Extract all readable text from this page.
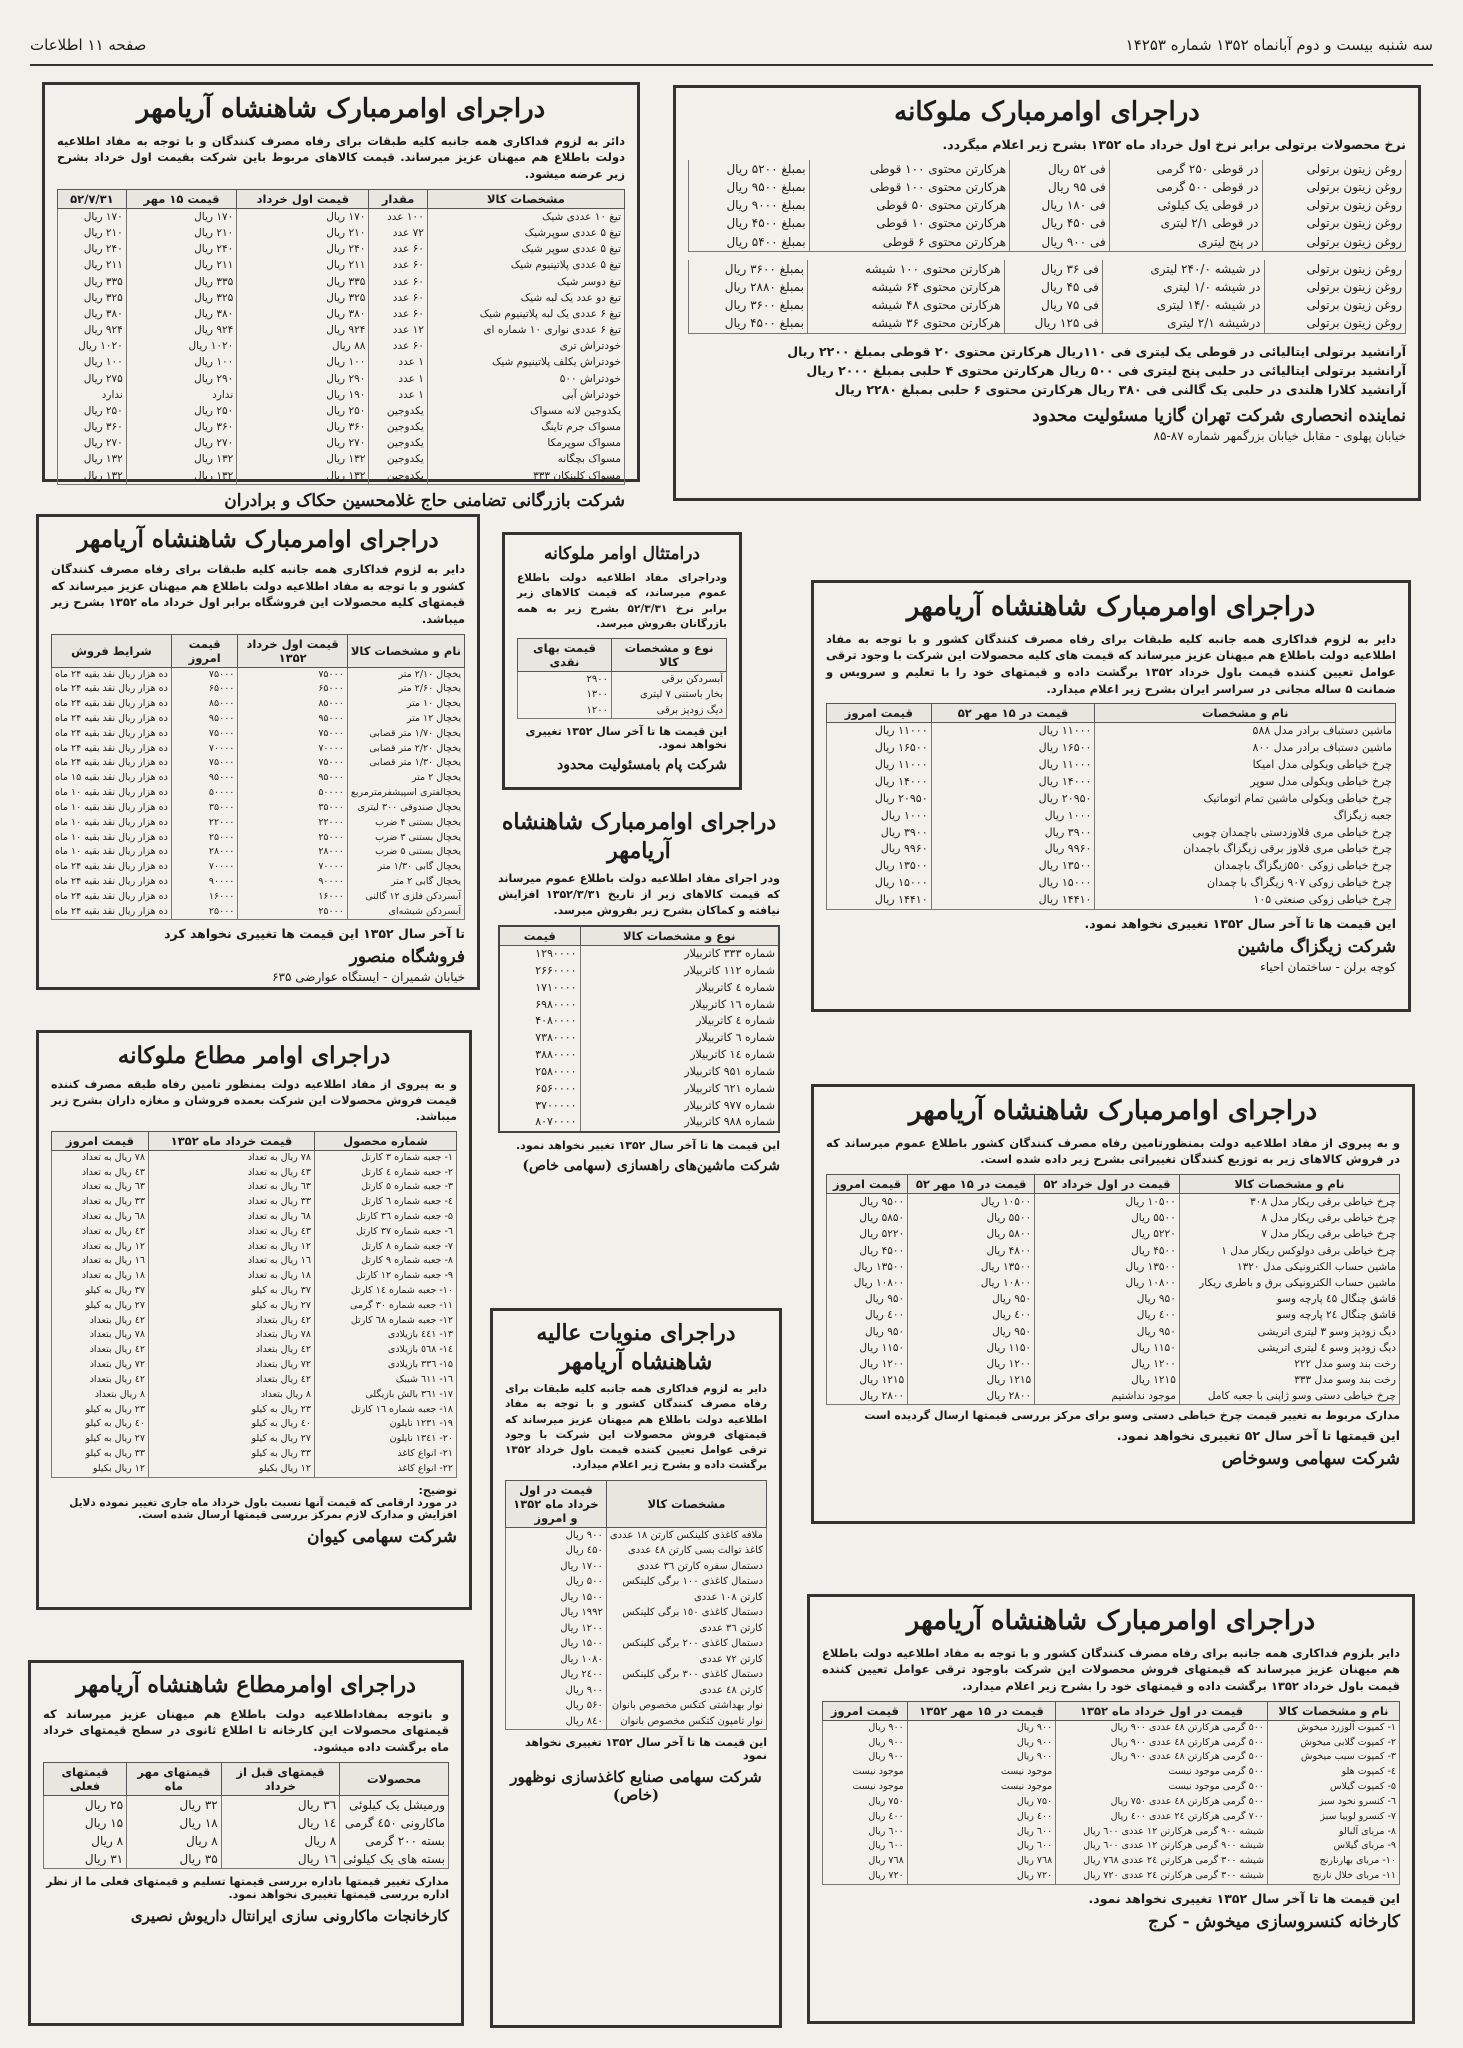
سه شنبه بیست و دوم آبانماه ۱۳۵۲ شماره ۱۴۲۵۳
صفحه ۱۱ اطلاعات
دراجرای اوامرمبارک ملوکانه

نرخ محصولات برتولی برابر نرخ اول خرداد ماه ۱۳۵۲ بشرح زیر اعلام میگردد.

روغن زیتون برتولی	در قوطی ۲۵۰ گرمی	فی ۵۲ ریال	هرکارتن محتوی ۱۰۰ قوطی	بمبلغ ۵۲۰۰ ریال
روغن زیتون برتولی	در قوطی ۵۰۰ گرمی	فی ۹۵ ریال	هرکارتن محتوی ۱۰۰ قوطی	بمبلغ ۹۵۰۰ ریال
روغن زیتون برتولی	در قوطی یک کیلوئی	فی ۱۸۰ ریال	هرکارتن محتوی ۵۰ قوطی	بمبلغ ۹۰۰۰ ریال
روغن زیتون برتولی	در قوطی ۲/۱ لیتری	فی ۴۵۰ ریال	هرکارتن محتوی ۱۰ قوطی	بمبلغ ۴۵۰۰ ریال
روغن زیتون برتولی	در پنج لیتری	فی ۹۰۰ ریال	هرکارتن محتوی ۶ قوطی	بمبلغ ۵۴۰۰ ریال
روغن زیتون برتولی	در شیشه ۲۴۰/۰ لیتری	فی ۳۶ ریال	هرکارتن محتوی ۱۰۰ شیشه	بمبلغ ۳۶۰۰ ریال
روغن زیتون برتولی	در شیشه ۱/۰ لیتری	فی ۴۵ ریال	هرکارتن محتوی ۶۴ شیشه	بمبلغ ۲۸۸۰ ریال
روغن زیتون برتولی	در شیشه ۱۴/۰ لیتری	فی ۷۵ ریال	هرکارتن محتوی ۴۸ شیشه	بمبلغ ۳۶۰۰ ریال
روغن زیتون برتولی	درشیشه ۲/۱ لیتری	فی ۱۲۵ ریال	هرکارتن محتوی ۳۶ شیشه	بمبلغ ۴۵۰۰ ریال
آرانشید برتولی ایتالیائی در قوطی یک لیتری فی ۱۱۰ریال هرکارتن محتوی ۲۰ قوطی بمبلغ ۲۲۰۰ ریال
آرانشید برتولی ایتالیائی در حلبی پنج لیتری فی ۵۰۰ ریال هرکارتن محتوی ۴ حلبی بمبلغ ۲۰۰۰ ریال
آرانشید کلارا هلندی در حلبی یک گالنی فی ۳۸۰ ریال هرکارتن محتوی ۶ حلبی بمبلغ ۲۲۸۰ ریال
نماینده انحصاری شرکت تهران گازیا مسئولیت محدود
خیابان پهلوی - مقابل خیابان بزرگمهر شماره ۸۷-۸۵
دراجرای اوامرمبارک شاهنشاه آریامهر

دائر به لزوم فداکاری همه جانبه کلیه طبقات برای رفاه مصرف کنندگان و با توجه به مفاد اطلاعیه دولت باطلاع هم میهنان عزیز میرساند. قیمت کالاهای مربوط باین شرکت بقیمت اول خرداد بشرح زیر عرضه میشود.

مشخصات کالا	مقدار	قیمت اول خرداد	قیمت ۱۵ مهر	۵۲/۷/۳۱
تیغ ۱۰ عددی شیک	۱۰۰ عدد	۱۷۰ ریال	۱۷۰ ریال	۱۷۰ ریال
تیغ ۵ عددی سوپرشیک	۷۲ عدد	۲۱۰ ریال	۲۱۰ ریال	۲۱۰ ریال
تیغ ۵ عددی سوپر شیک	۶۰ عدد	۲۴۰ ریال	۲۴۰ ریال	۲۴۰ ریال
تیغ ۵ عددی پلاتینیوم شیک	۶۰ عدد	۲۱۱ ریال	۲۱۱ ریال	۲۱۱ ریال
تیغ دوسر شیک	۶۰ عدد	۳۳۵ ریال	۳۳۵ ریال	۳۳۵ ریال
تیغ دو عدد یک لبه شیک	۶۰ عدد	۳۲۵ ریال	۳۲۵ ریال	۳۲۵ ریال
تیغ ۶ عددی یک لبه پلاتینیوم شیک	۶۰ عدد	۳۸۰ ریال	۳۸۰ ریال	۳۸۰ ریال
تیغ ۶ عددی نواری ۱۰ شماره ای	۱۲ عدد	۹۲۴ ریال	۹۲۴ ریال	۹۲۴ ریال
خودتراش تری	۶۰ عدد	۸۸ ریال	۱۰۲۰ ریال	۱۰۲۰ ریال
خودتراش یکلف پلاتینیوم شیک	۱ عدد	۱۰۰ ریال	۱۰۰ ریال	۱۰۰ ریال
خودتراش ۵۰۰	۱ عدد	۲۹۰ ریال	۲۹۰ ریال	۲۷۵ ریال
خودتراش آبی	۱ عدد	۱۹۰ ریال	ندارد	ندارد
یکدوجین لانه مسواک	یکدوجین	۲۵۰ ریال	۲۵۰ ریال	۲۵۰ ریال
مسواک جرم تاینگ	یکدوجین	۳۶۰ ریال	۳۶۰ ریال	۳۶۰ ریال
مسواک سوپرمکا	یکدوجین	۲۷۰ ریال	۲۷۰ ریال	۲۷۰ ریال
مسواک بچگانه	یکدوجین	۱۳۲ ریال	۱۳۲ ریال	۱۳۲ ریال
مسواک کلینکان ۳۳۳	یکدوجین	۱۳۲ ریال	۱۳۲ ریال	۱۳۲ ریال
شرکت بازرگانی تضامنی حاج غلامحسین حکاک و برادران
دراجرای اوامرمبارک شاهنشاه آریامهر

دایر به لزوم فداکاری همه جانبه کلیه طبقات برای رفاه مصرف کنندگان کشور و با توجه به مفاد اطلاعیه دولت باطلاع هم میهنان عزیز میرساند که قیمتهای کلیه محصولات این فروشگاه برابر اول خرداد ماه ۱۳۵۲ بشرح زیر میباشد.

نام و مشخصات کالا	قیمت اول خرداد ۱۳۵۲	قیمت امروز	شرایط فروش
یخچال ۲/۱۰ متر	۷۵۰۰۰	۷۵۰۰۰	ده هزار ریال نقد بقیه ۲۴ ماه
یخچال ۲/۶۰ متر	۶۵۰۰۰	۶۵۰۰۰	ده هزار ریال نقد بقیه ۲۴ ماه
یخچال ۱۰ متر	۸۵۰۰۰	۸۵۰۰۰	ده هزار ریال نقد بقیه ۲۴ ماه
یخچال ۱۲ متر	۹۵۰۰۰	۹۵۰۰۰	ده هزار ریال نقد بقیه ۲۴ ماه
یخچال ۱/۷۰ متر قصابی	۷۵۰۰۰	۷۵۰۰۰	ده هزار ریال نقد بقیه ۲۴ ماه
یخچال ۲/۲۰ متر قصابی	۷۰۰۰۰	۷۰۰۰۰	ده هزار ریال نقد بقیه ۲۴ ماه
یخچال ۱/۳۰ متر قصابی	۷۵۰۰۰	۷۵۰۰۰	ده هزار ریال نقد بقیه ۲۴ ماه
یخچال ۲ متر	۹۵۰۰۰	۹۵۰۰۰	ده هزار ریال نقد بقیه ۱۵ ماه
یخچالفتری اسپیشفرمترمربع	۵۰۰۰۰	۵۰۰۰۰	ده هزار ریال نقد بقیه ۱۰ ماه
یخچال صندوقی ۳۰۰ لیتری	۳۵۰۰۰	۳۵۰۰۰	ده هزار ریال نقد بقیه ۱۰ ماه
یخچال بستنی ۴ ضرب	۲۲۰۰۰	۲۲۰۰۰	ده هزار ریال نقد بقیه ۱۰ ماه
یخچال بستنی ۳ ضرب	۲۵۰۰۰	۲۵۰۰۰	ده هزار ریال نقد بقیه ۱۰ ماه
یخچال بستنی ۵ ضرب	۲۸۰۰۰	۲۸۰۰۰	ده هزار ریال نقد بقیه ۱۰ ماه
یخچال گابی ۱/۳۰ متر	۷۰۰۰۰	۷۰۰۰۰	ده هزار ریال نقد بقیه ۲۴ ماه
یخچال گابی ۲ متر	۹۰۰۰۰	۹۰۰۰۰	ده هزار ریال نقد بقیه ۲۴ ماه
آبسردکن فلزی ۱۲ گالنی	۱۶۰۰۰	۱۶۰۰۰	ده هزار ریال نقد بقیه ۲۴ ماه
آبسردکن شیشه‌ای	۲۵۰۰۰	۲۵۰۰۰	ده هزار ریال نقد بقیه ۲۴ ماه
تا آخر سال ۱۳۵۲ این قیمت ها تغییری نخواهد کرد
فروشگاه منصور
خیابان شمیران - ایستگاه عوارضی ۶۳۵
درامتثال اوامر ملوکانه

ودراجرای مفاد اطلاعیه دولت باطلاع عموم میرساند، که قیمت کالاهای زیر برابر نرخ ۵۲/۳/۳۱ بشرح زیر به همه بازرگانان بفروش میرسد.

نوع و مشخصات کالا	قیمت بهای نقدی
آبسردکن برقی	۲۹۰۰
بخار باستنی ۷ لیتری	۱۳۰۰
دیگ زودپز برقی	۱۲۰۰
این قیمت ها تا آخر سال ۱۳۵۲ تغییری نخواهد نمود.
شرکت پام بامسئولیت محدود
دراجرای اوامرمبارک شاهنشاه آریامهر

دایر به لزوم فداکاری همه جانبه کلیه طبقات برای رفاه مصرف کنندگان کشور و با توجه به مفاد اطلاعیه دولت باطلاع هم میهنان عزیز میرساند که قیمت های کلیه محصولات این شرکت با وجود ترقی عوامل تعیین کننده قیمت باول خرداد ۱۳۵۲ برگشت داده و قیمتهای خود را با تعلیم و سرویس و ضمانت ۵ ساله مجانی در سراسر ایران بشرح زیر اعلام میدارد.

نام و مشخصات	قیمت در ۱۵ مهر ۵۲	قیمت امروز
ماشین دستباف برادر مدل ۵۸۸	۱۱۰۰۰ ریال	۱۱۰۰۰ ریال
ماشین دستباف برادر مدل ۸۰۰	۱۶۵۰۰ ریال	۱۶۵۰۰ ریال
چرخ خیاطی ویکولی مدل امیکا	۱۱۰۰۰ ریال	۱۱۰۰۰ ریال
چرخ خیاطی ویکولی مدل سوپر	۱۴۰۰۰ ریال	۱۴۰۰۰ ریال
چرخ خیاطی ویکولی ماشین تمام اتوماتیک	۲۰۹۵۰ ریال	۲۰۹۵۰ ریال
جعبه زیگزاگ	۱۰۰۰ ریال	۱۰۰۰ ریال
چرخ خیاطی مری قلاوزدستی باچمدان چوبی	۳۹۰۰ ریال	۳۹۰۰ ریال
چرخ خیاطی مری قلاوز برقی زیگزاگ باچمدان	۹۹۶۰ ریال	۹۹۶۰ ریال
چرخ خیاطی زوکی ۵۵۰زیگزاگ باچمدان	۱۳۵۰۰ ریال	۱۳۵۰۰ ریال
چرخ خیاطی زوکی ۹۰۷ زیگزاگ با چمدان	۱۵۰۰۰ ریال	۱۵۰۰۰ ریال
چرخ خیاطی زوکی صنعتی ۱۰۵	۱۴۴۱۰ ریال	۱۴۴۱۰ ریال
این قیمت ها تا آخر سال ۱۳۵۲ تغییری نخواهد نمود.
شرکت زیگزاگ ماشین
کوچه برلن - ساختمان احیاء
دراجرای اوامرمبارک شاهنشاه آریامهر

ودر اجرای مفاد اطلاعیه دولت باطلاع عموم میرساند که قیمت کالاهای زیر از تاریخ ۱۳۵۲/۳/۳۱ افزایش نیافته و کماکان بشرح زیر بفروش میرسد.

نوع و مشخصات کالا	قیمت
شماره ۳۳۳ کاتربیلار	۱۲۹۰۰۰۰
شماره ۱۱۲ کاتربیلار	۲۶۶۰۰۰۰
شماره ٤ کاتربیلار	۱۷۱۰۰۰۰
شماره ۱٦ کاتربیلار	۶۹۸۰۰۰۰
شماره ٤ کاتربیلار	۴۰۸۰۰۰۰
شماره ٦ کاتربیلار	۷۳۸۰۰۰۰
شماره ۱٤ کاتربیلار	۳۸۸۰۰۰۰
شماره ۹۵۱ کاتربیلار	۲۵۸۰۰۰۰
شماره ٦٢١ کاتربیلار	۶۵۶۰۰۰۰
شماره ۹۷۷ کاتربیلار	۳۷۰۰۰۰۰
شماره ۹۸۸ کاتربیلار	۸۰۷۰۰۰۰
این قیمت ها تا آخر سال ۱۳۵۲ تغییر نخواهد نمود.
شرکت ماشین‌های راهسازی (سهامی خاص)
دراجرای اوامر مطاع ملوکانه

و به پیروی از مفاد اطلاعیه دولت بمنظور تامین رفاه طبقه مصرف کننده قیمت فروش محصولات این شرکت بعمده فروشان و مغازه داران بشرح زیر میباشد.

شماره محصول	قیمت خرداد ماه ۱۳۵۲	قیمت امروز
۱- جعبه شماره ۳ کارتل	۷۸ ریال به تعداد	۷۸ ریال به تعداد
۲- جعبه شماره ٤ کارتل	٤٣ ریال به تعداد	٤٣ ریال به تعداد
۳- جعبه شماره ۵ کارتل	٦٣ ریال به تعداد	٦٣ ریال به تعداد
٤- جعبه شماره ٦ کارتل	۳۳ ریال به تعداد	۳۳ ریال به تعداد
۵- جعبه شماره ۳٦ کارتل	٦٨ ریال به تعداد	٦٨ ریال به تعداد
٦- جعبه شماره ۳۷ کارتل	٤٣ ریال به تعداد	٤٣ ریال به تعداد
۷- جعبه شماره ۸ کارتل	۱۲ ریال به تعداد	۱۲ ریال به تعداد
۸- جعبه شماره ۹ کارتل	۱٦ ریال به تعداد	۱٦ ریال به تعداد
۹- جعبه شماره ۱۲ کارتل	۱۸ ریال به تعداد	۱۸ ریال به تعداد
۱۰- جعبه شماره ۱٤ کارتل	۳۷ ریال به کیلو	۳۷ ریال به کیلو
۱۱- جعبه شماره ۳۰ گرمی	۲۷ ریال به کیلو	۲۷ ریال به کیلو
۱۲- جعبه شماره ٦٨ کارتل	٤٢ ریال بتعداد	٤٢ ریال بتعداد
۱۳- ٤٤١ بازیلادی	۷۸ ریال بتعداد	۷۸ ریال بتعداد
۱٤- ٥٦٨ بازیلادی	٤٢ ریال بتعداد	٤٢ ریال بتعداد
۱۵- ۳۳٦ بازیلادی	۷۲ ریال بتعداد	۷۲ ریال بتعداد
۱٦- ٦۱۱ شیبک	٤٢ ریال بتعداد	٤٢ ریال بتعداد
۱۷- ۳٦۱ بالش بازیگلی	۸ ریال بتعداد	۸ ریال بتعداد
۱۸- جعبه شماره ۱٦ کارتل	۲۳ ریال به کیلو	۲۳ ریال به کیلو
۱۹- ۱۲۳۱ نایلون	٤٠ ریال به کیلو	٤٠ ریال به کیلو
۲۰- ۱۳٤۱ نایلون	۲۷ ریال به کیلو	۲۷ ریال به کیلو
۲۱- انواع کاغذ	۳۳ ریال به کیلو	۳۳ ریال به کیلو
۲۲- انواع کاغذ	۱۲ ریال بکیلو	۱۲ ریال بکیلو
توضیح:
در مورد ارقامی که قیمت آنها نسبت باول خرداد ماه جاری تغییر نموده دلایل افزایش و مدارک لازم بمرکز بررسی قیمتها ارسال شده است.
شرکت سهامی کیوان
دراجرای منویات عالیه شاهنشاه آریامهر

دایر به لزوم فداکاری همه جانبه کلیه طبقات برای رفاه مصرف کنندگان کشور و با توجه به مفاد اطلاعیه دولت باطلاع هم میهنان عزیز میرساند که قیمتهای فروش محصولات این شرکت با وجود ترقی عوامل تعیین کننده قیمت باول خرداد ۱۳۵۲ برگشت داده و بشرح زیر اعلام میدارد.

مشخصات کالا	قیمت در اول خرداد ماه ۱۳۵۲ و امروز
ملافه کاغذی کلینکس کارتن ۱۸ عددی	۹۰۰ ریال
کاغذ توالت بسی کارتن ٤۸ عددی	٤۵۰ ریال
دستمال سفره کارتن ۳٦ عددی	۱۷۰۰ ریال
دستمال کاغذی ۱۰۰ برگی کلینکس	۵۰۰ ریال
کارتن ۱۰۸ عددی	۱۵۰۰ ریال
دستمال کاغذی ۱٥۰ برگی کلینکس	۱۹۹۲ ریال
کارتن ۳٦ عددی	۱۲۰۰ ریال
دستمال کاغذی ۲۰۰ برگی کلینکس	۱۵۰۰ ریال
کارتن ۷۲ عددی	۱۰۸۰ ریال
دستمال کاغذی ۳۰۰ برگی کلینکس	۲٤۰۰ ریال
کارتن ٤۸ عددی	۹۰۰ ریال
نوار بهداشتی کتکس مخصوص بانوان	۵۶۰ ریال
نوار تامپون کتکس مخصوص بانوان	۸٤۰ ریال
این قیمت ها تا آخر سال ۱۳۵۲ تغییری نخواهد نمود
شرکت سهامی صنایع کاغذسازی نوظهور (خاص)
دراجرای اوامرمبارک شاهنشاه آریامهر

و به پیروی از مفاد اطلاعیه دولت بمنظورتامین رفاه مصرف کنندگان کشور باطلاع عموم میرساند که در فروش کالاهای زیر به توزیع کنندگان تغییراتی بشرح زیر داده شده است.

نام و مشخصات کالا	قیمت در اول خرداد ۵۲	قیمت در ۱۵ مهر ۵۲	قیمت امروز
چرخ خیاطی برقی ریکار مدل ۳۰۸	۱۰۵۰۰ ریال	۱۰۵۰۰ ریال	۹۵۰۰ ریال
چرخ خیاطی برقی ریکار مدل ۸	۵۵۰۰ ریال	۵۵۰۰ ریال	۵۸۵۰ ریال
چرخ خیاطی برقی ریکار مدل ۷	۵۲۲۰ ریال	۵۸۰۰ ریال	۵۲۲۰ ریال
چرخ خیاطی برقی دولوکس ریکار مدل ۱	۴۵۰۰ ریال	۴۸۰۰ ریال	۴۵۰۰ ریال
ماشین حساب الکترونیکی مدل ۱۳۲۰	۱۳۵۰۰ ریال	۱۳۵۰۰ ریال	۱۳۵۰۰ ریال
ماشین حساب الکترونیکی برق و باطری ریکار	۱۰۸۰۰ ریال	۱۰۸۰۰ ریال	۱۰۸۰۰ ریال
قاشق چنگال ٤۵ پارچه وسو	۹۵۰ ریال	۹۵۰ ریال	۹۵۰ ریال
قاشق چنگال ۲٤ پارچه وسو	٤۰۰ ریال	٤۰۰ ریال	٤۰۰ ریال
دیگ زودپز وسو ۳ لیتری اتریشی	۹۵۰ ریال	۹۵۰ ریال	۹۵۰ ریال
دیگ زودپز وسو ٤ لیتری اتریشی	۱۱۵۰ ریال	۱۱۵۰ ریال	۱۱۵۰ ریال
رخت بند وسو مدل ۲۲۲	۱۲۰۰ ریال	۱۲۰۰ ریال	۱۲۰۰ ریال
رخت بند وسو مدل ۳۳۳	۱۲۱۵ ریال	۱۲۱۵ ریال	۱۲۱۵ ریال
چرخ خیاطی دستی وسو ژاپنی با جعبه کامل	موجود نداشتیم	۲۸۰۰ ریال	۲۸۰۰ ریال
مدارک مربوط به تغییر قیمت چرخ خیاطی دستی وسو برای مرکز بررسی قیمتها ارسال گردیده است
این قیمتها تا آخر سال ۵۲ تغییری نخواهد نمود.
شرکت سهامی وسوخاص
دراجرای اوامرمطاع شاهنشاه آریامهر

و باتوجه بمفاداطلاعیه دولت باطلاع هم میهنان عزیز میرساند که قیمتهای محصولات این کارخانه تا اطلاع ثانوی در سطح قیمتهای خرداد ماه برگشت داده میشود.

محصولات	قیمتهای قبل از خرداد	قیمتهای مهر ماه	قیمتهای فعلی
ورمیشل یک کیلوئی	۳٦ ریال	۳۲ ریال	۲۵ ریال
ماکارونی ٤۵۰ گرمی	۱٤ ریال	۱۸ ریال	۱۵ ریال
بسته ۲۰۰ گرمی	۸ ریال	۸ ریال	۸ ریال
بسته های یک کیلوئی	۱٦ ریال	۳۵ ریال	۳۱ ریال
مدارک تغییر قیمتها باداره بررسی قیمتها تسلیم و قیمتهای فعلی ما از نظر اداره بررسی قیمتها تغییری نخواهد نمود.
کارخانجات ماکارونی سازی ایرانتال داریوش نصیری
دراجرای اوامرمبارک شاهنشاه آریامهر

دایر بلزوم فداکاری همه جانبه برای رفاه مصرف کنندگان کشور و با توجه به مفاد اطلاعیه دولت باطلاع هم میهنان عزیز میرساند که قیمتهای فروش محصولات این شرکت باوجود ترقی عوامل تعیین کننده قیمت باول خرداد ۱۳۵۲ برگشت داده و قیمتهای خود را بشرح زیر اعلام میدارد.

نام و مشخصات کالا	قیمت در اول خرداد ماه ۱۳۵۲	قیمت در ۱۵ مهر ۱۳۵۲	قیمت امروز
۱- کمپوت آلوزرد میخوش	۵۰۰ گرمی هرکارتن ٤۸ عددی ۹۰۰ ریال	۹۰۰ ریال	۹۰۰ ریال
۲- کمپوت گلابی میخوش	۵۰۰ گرمی هرکارتن ٤۸ عددی ۹۰۰ ریال	۹۰۰ ریال	۹۰۰ ریال
۳- کمپوت سیب میخوش	۵۰۰ گرمی هرکارتن ٤۸ عددی ۹۰۰ ریال	۹۰۰ ریال	۹۰۰ ریال
٤- کمپوت هلو	۵۰۰ گرمی موجود نیست	موجود نیست	موجود نیست
۵- کمپوت گیلاس	۵۰۰ گرمی موجود نیست	موجود نیست	موجود نیست
٦- کنسرو نخود سبز	۵۰۰ گرمی هرکارتن ٤۸ عددی ۷۵۰ ریال	۷۵۰ ریال	۷۵۰ ریال
۷- کنسرو لوبیا سبز	۷۰۰ گرمی هرکارتن ۲٤ عددی ٤۰۰ ریال	٤۰۰ ریال	٤۰۰ ریال
۸- مربای آلبالو	شیشه ۹۰۰ گرمی هرکارتن ۱۲ عددی ٦۰۰ ریال	٦۰۰ ریال	٦۰۰ ریال
۹- مربای گیلاس	شیشه ۹۰۰ گرمی هرکارتن ۱۲ عددی ٦۰۰ ریال	٦۰۰ ریال	٦۰۰ ریال
۱۰- مربای بهارنارنج	شیشه ۳۰۰ گرمی هرکارتن ۲٤ عددی ۷٦۸ ریال	۷٦۸ ریال	۷٦۸ ریال
۱۱- مربای خلال نارنج	شیشه ۳۰۰ گرمی هرکارتن ۲٤ عددی ۷۲۰ ریال	۷۲۰ ریال	۷۲۰ ریال
این قیمت ها تا آخر سال ۱۳۵۲ تغییری نخواهد نمود.
کارخانه کنسروسازی میخوش - کرج
